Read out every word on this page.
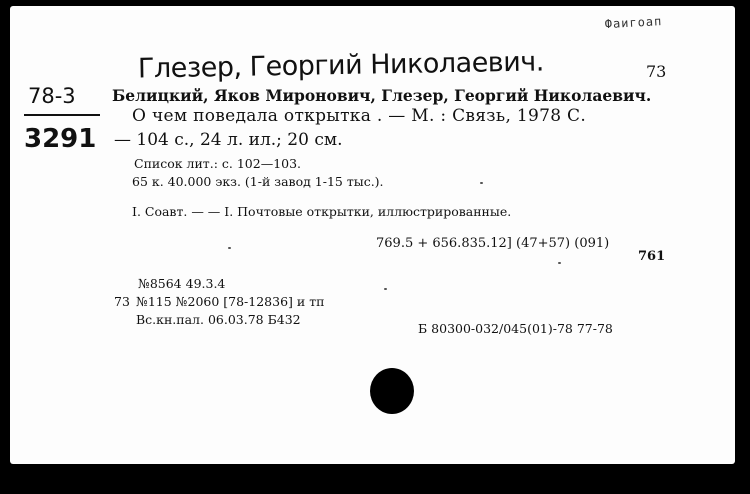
Фаигоап
Глезер, Георгий Николаевич.
78-3
3291
73
Белицкий, Яков Миронович, Глезер, Георгий Николаевич.
О чем поведала открытка . — М. : Связь, 1978 С.
— 104 с., 24 л. ил.; 20 см.
Список лит.: с. 102—103.
65 к. 40.000 экз. (1-й завод 1-15 тыс.).
I. Соавт. — — I. Почтовые открытки, иллюстрированные.
769.5 + 656.835.12] (47+57) (091)
761
№8564 49.3.4
73 №115 №2060 [78-12836] и тп
Вс.кн.пал. 06.03.78 Б432
Б 80300-032/045(01)-78 77-78
